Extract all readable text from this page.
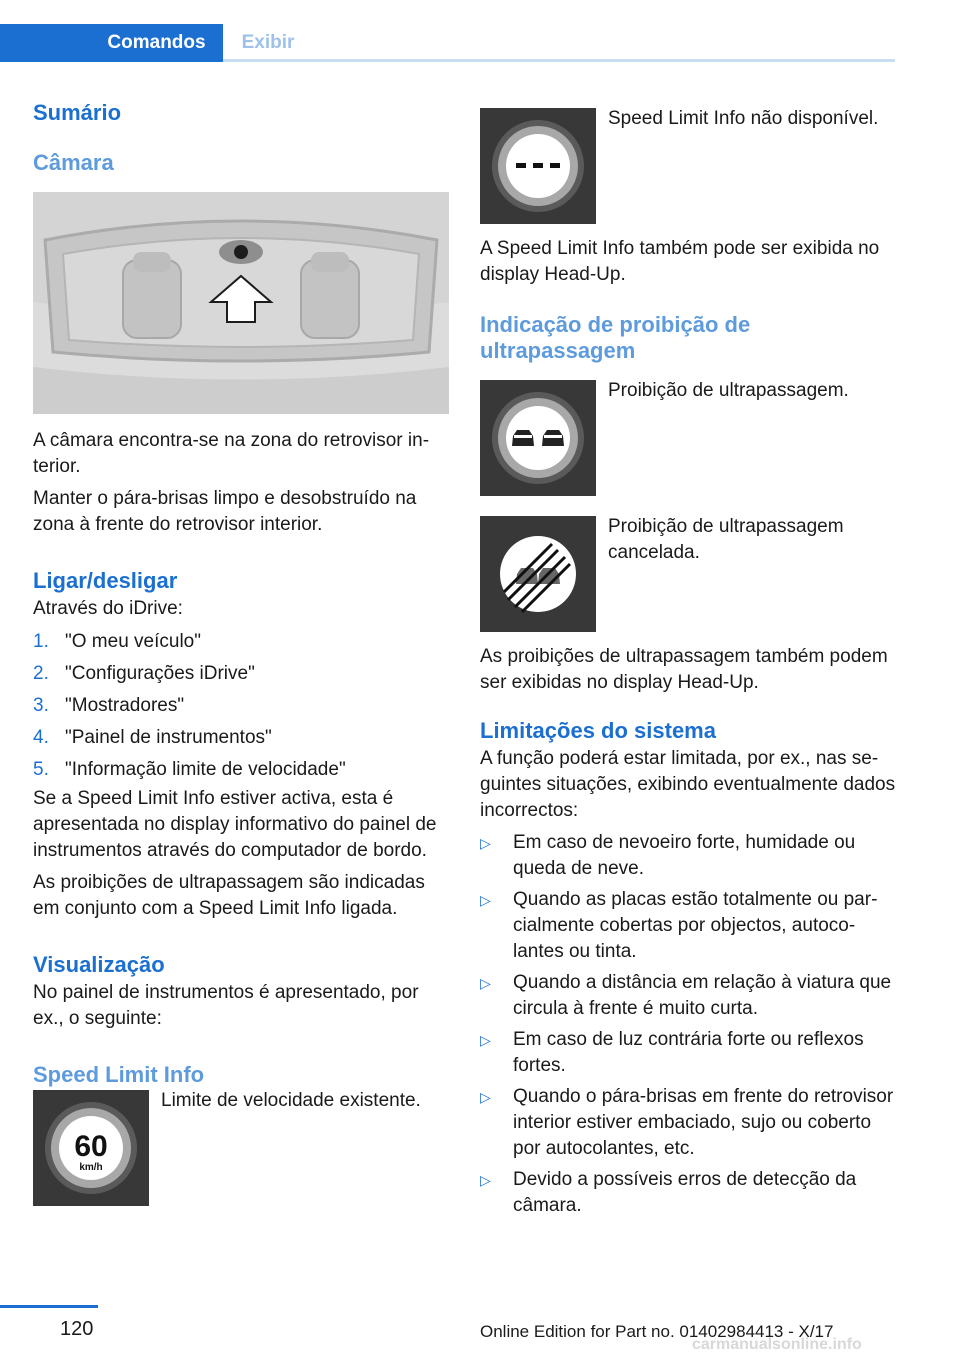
Comandos	Exibir
Sumário
Câmara

A câmara encontra-se na zona do retrovisor interior.

Manter o pára-brisas limpo e desobstruído na zona à frente do retrovisor interior.

Ligar/desligar

Através do iDrive:

1. "O meu veículo"
2. "Configurações iDrive"
3. "Mostradores"
4. "Painel de instrumentos"
5. "Informação limite de velocidade"

Se a Speed Limit Info estiver activa, esta é apresentada no display informativo do painel de instrumentos através do computador de bordo.

As proibições de ultrapassagem são indicadas em conjunto com a Speed Limit Info ligada.

Visualização

No painel de instrumentos é apresentado, por ex., o seguinte:

Speed Limit Info
60
km/h
Limite de velocidade existente.
Speed Limit Info não disponível.

A Speed Limit Info também pode ser exibida no display Head-Up.

Indicação de proibição de ultrapassagem
Proibição de ultrapassagem.
Proibição de ultrapassagem cancelada.

As proibições de ultrapassagem também podem ser exibidas no display Head-Up.

Limitações do sistema

A função poderá estar limitada, por ex., nas seguintes situações, exibindo eventualmente dados incorrectos:

▷	Em caso de nevoeiro forte, humidade ou queda de neve.
▷	Quando as placas estão totalmente ou parcialmente cobertas por objectos, autocolantes ou tinta.
▷	Quando a distância em relação à viatura que circula à frente é muito curta.
▷	Em caso de luz contrária forte ou reflexos fortes.
▷	Quando o pára-brisas em frente do retrovisor interior estiver embaciado, sujo ou coberto por autocolantes, etc.
▷	Devido a possíveis erros de detecção da câmara.
120	Online Edition for Part no. 01402984413 - X/17
carmanualsonline.info
